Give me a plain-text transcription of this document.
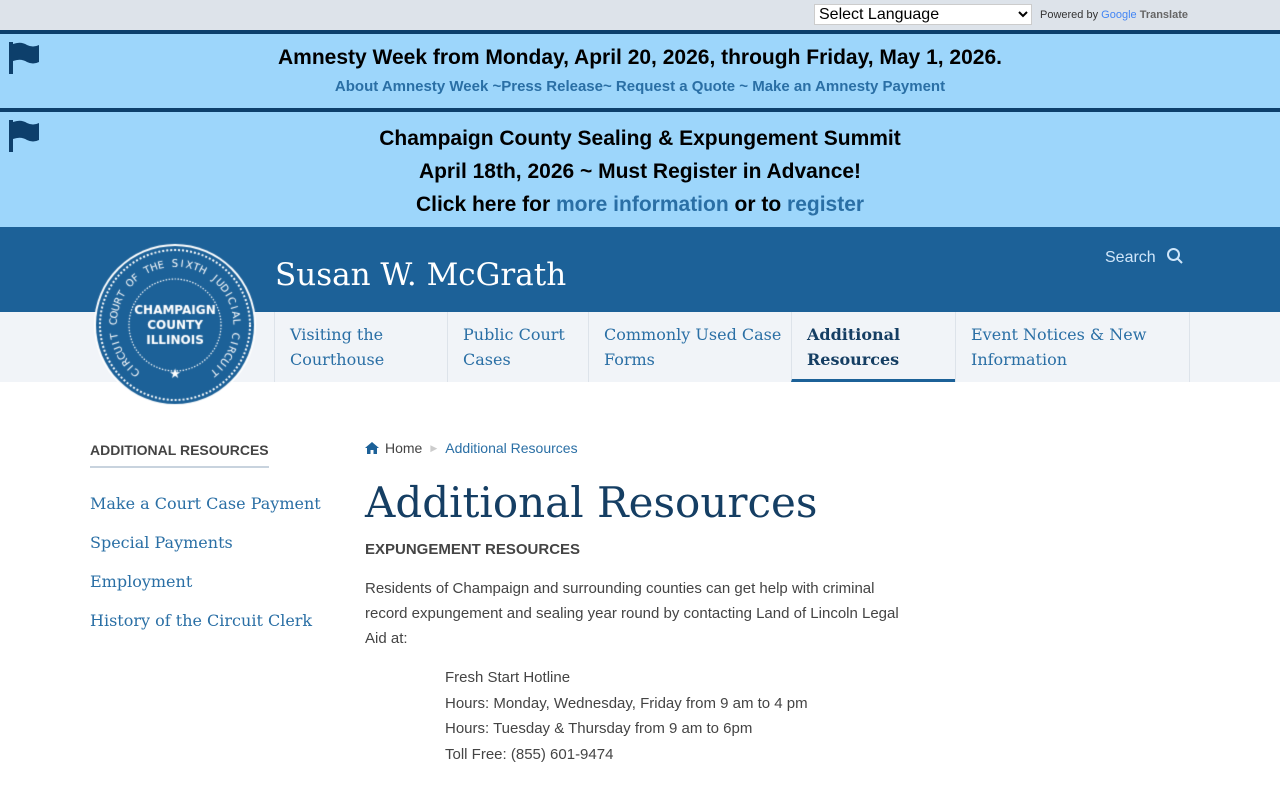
Select Language
Powered by Google Translate
Amnesty Week from Monday, April 20, 2026, through Friday, May 1, 2026.
About Amnesty Week ~Press Release~ Request a Quote ~ Make an Amnesty Payment
Champaign County Sealing & Expungement Summit
April 18th, 2026 ~ Must Register in Advance!
Click here for more information or to register
Susan W. McGrath	Search
Visiting the Courthouse
Public Court Cases
Commonly Used Case Forms
Additional Resources
Event Notices & New Information
ADDITIONAL RESOURCES
Make a Court Case Payment
Special Payments
Employment
History of the Circuit Clerk
Home ▶ Additional Resources
Additional Resources
EXPUNGEMENT RESOURCES
Residents of Champaign and surrounding counties can get help with criminal record expungement and sealing year round by contacting Land of Lincoln Legal Aid at:
Fresh Start Hotline
Hours: Monday, Wednesday, Friday from 9 am to 4 pm
Hours: Tuesday & Thursday from 9 am to 6pm
Toll Free: (855) 601-9474
